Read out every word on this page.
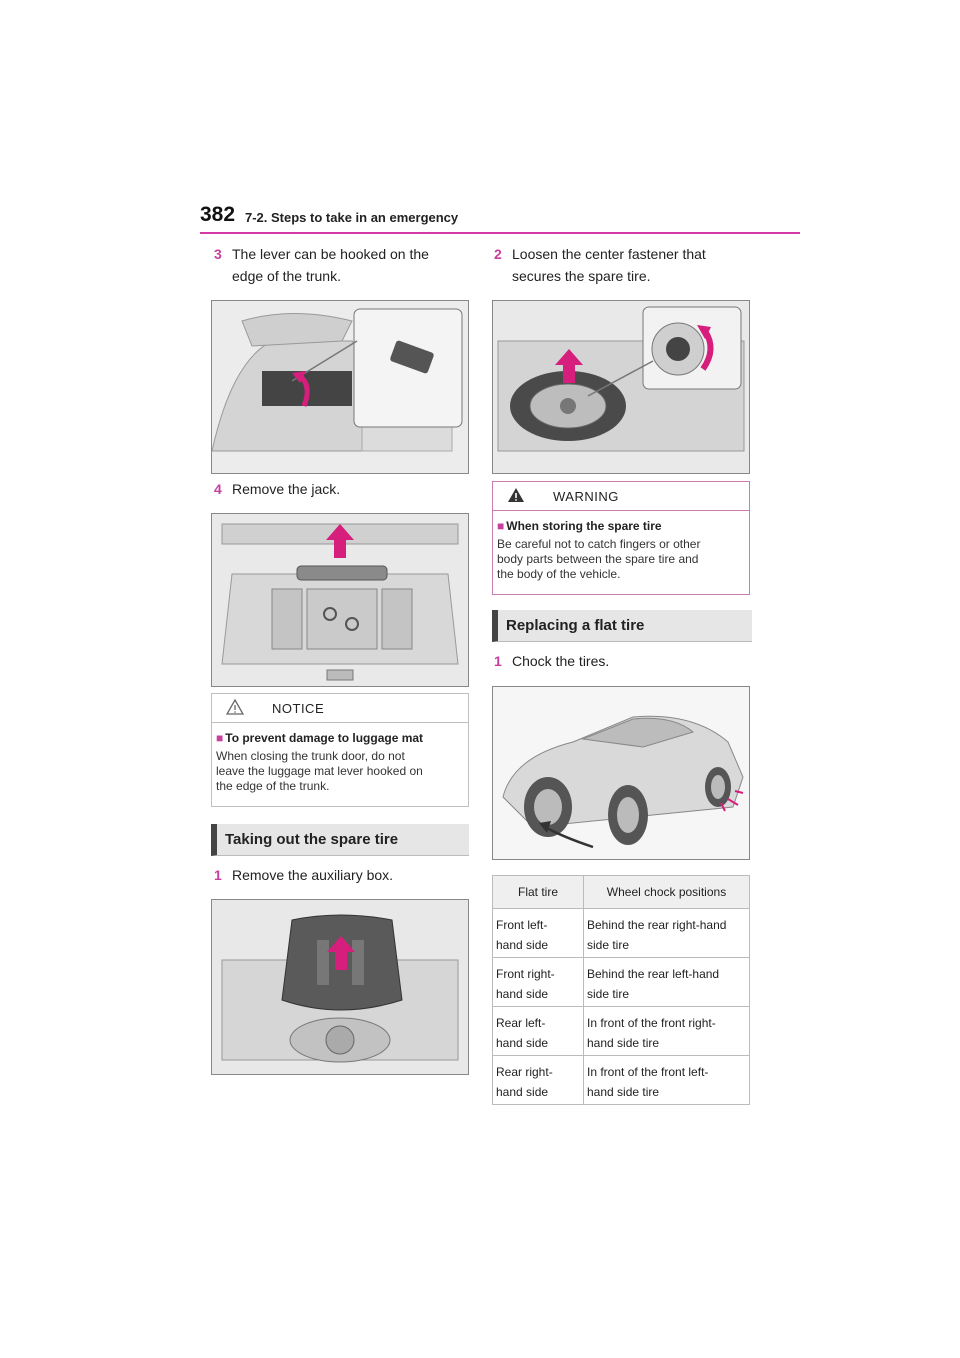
382 7-2. Steps to take in an emergency
3 The lever can be hooked on the
edge of the trunk.
4 Remove the jack.
NOTICE
■ To prevent damage to luggage mat
When closing the trunk door, do not
leave the luggage mat lever hooked on
the edge of the trunk.
Taking out the spare tire
1 Remove the auxiliary box.
2 Loosen the center fastener that
secures the spare tire.
WARNING
■ When storing the spare tire
Be careful not to catch fingers or other
body parts between the spare tire and
the body of the vehicle.
Replacing a flat tire
1 Chock the tires.
Flat tire	Wheel chock positions
Front left-
hand side	Behind the rear right-hand
side tire
Front right-
hand side	Behind the rear left-hand
side tire
Rear left-
hand side	In front of the front right-
hand side tire
Rear right-
hand side	In front of the front left-
hand side tire
